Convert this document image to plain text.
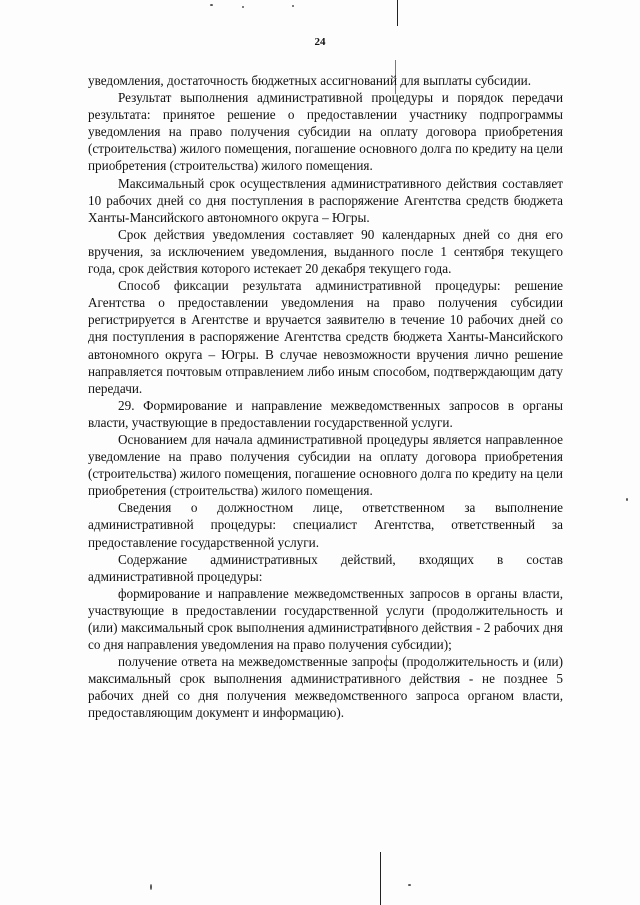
24

уведомления, достаточность бюджетных ассигнований для выплаты субсидии.

Результат выполнения административной процедуры и порядок передачи результата: принятое решение о предоставлении участнику подпрограммы уведомления на право получения субсидии на оплату договора приобретения (строительства) жилого помещения, погашение основного долга по кредиту на цели приобретения (строительства) жилого помещения.

Максимальный срок осуществления административного действия составляет 10 рабочих дней со дня поступления в распоряжение Агентства средств бюджета Ханты-Мансийского автономного округа – Югры.

Срок действия уведомления составляет 90 календарных дней со дня его вручения, за исключением уведомления, выданного после 1 сентября текущего года, срок действия которого истекает 20 декабря текущего года.

Способ фиксации результата административной процедуры: решение Агентства о предоставлении уведомления на право получения субсидии регистрируется в Агентстве и вручается заявителю в течение 10 рабочих дней со дня поступления в распоряжение Агентства средств бюджета Ханты-Мансийского автономного округа – Югры. В случае невозможности вручения лично решение направляется почтовым отправлением либо иным способом, подтверждающим дату передачи.

29. Формирование и направление межведомственных запросов в органы власти, участвующие в предоставлении государственной услуги.

Основанием для начала административной процедуры является направленное уведомление на право получения субсидии на оплату договора приобретения (строительства) жилого помещения, погашение основного долга по кредиту на цели приобретения (строительства) жилого помещения.

Сведения о должностном лице, ответственном за выполнение административной процедуры: специалист Агентства, ответственный за предоставление государственной услуги.

Содержание административных действий, входящих в состав административной процедуры:

формирование и направление межведомственных запросов в органы власти, участвующие в предоставлении государственной услуги (продолжительность и (или) максимальный срок выполнения административного действия - 2 рабочих дня со дня направления уведомления на право получения субсидии);

получение ответа на межведомственные запросы (продолжительность и (или) максимальный срок выполнения административного действия - не позднее 5 рабочих дней со дня получения межведомственного запроса органом власти, предоставляющим документ и информацию).
